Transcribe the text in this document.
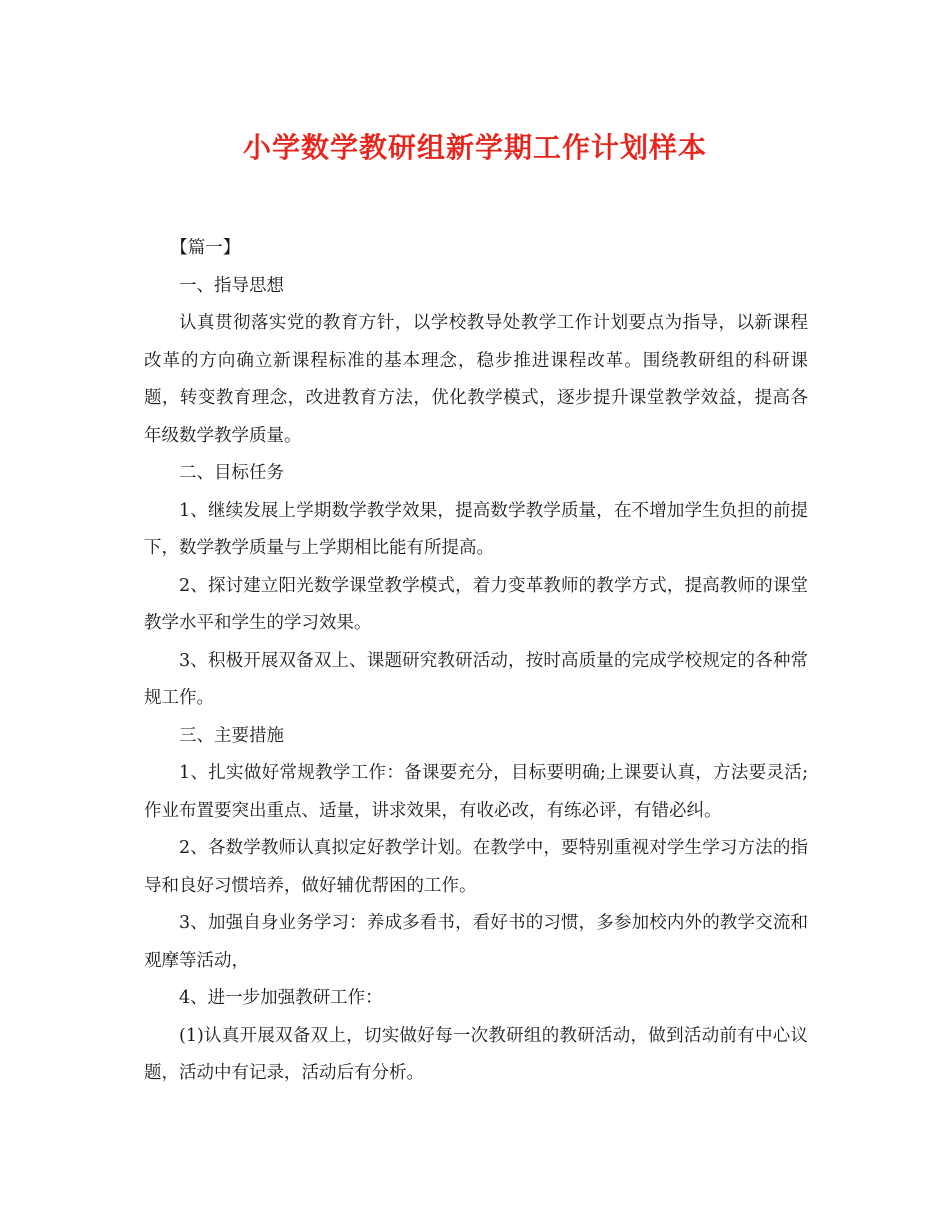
小学数学教研组新学期工作计划样本

【篇一】

一、指导思想

认真贯彻落实党的教育方针，以学校教导处教学工作计划要点为指导，以新课程改革的方向确立新课程标准的基本理念，稳步推进课程改革。围绕教研组的科研课题，转变教育理念，改进教育方法，优化教学模式，逐步提升课堂教学效益，提高各年级数学教学质量。

二、目标任务

1、继续发展上学期数学教学效果，提高数学教学质量，在不增加学生负担的前提下，数学教学质量与上学期相比能有所提高。

2、探讨建立阳光数学课堂教学模式，着力变革教师的教学方式，提高教师的课堂教学水平和学生的学习效果。

3、积极开展双备双上、课题研究教研活动，按时高质量的完成学校规定的各种常规工作。

三、主要措施

1、扎实做好常规教学工作：备课要充分，目标要明确;上课要认真，方法要灵活;作业布置要突出重点、适量，讲求效果，有收必改，有练必评，有错必纠。

2、各数学教师认真拟定好教学计划。在教学中，要特别重视对学生学习方法的指导和良好习惯培养，做好辅优帮困的工作。

3、加强自身业务学习：养成多看书，看好书的习惯，多参加校内外的教学交流和观摩等活动，

4、进一步加强教研工作：

(1)认真开展双备双上，切实做好每一次教研组的教研活动，做到活动前有中心议题，活动中有记录，活动后有分析。
